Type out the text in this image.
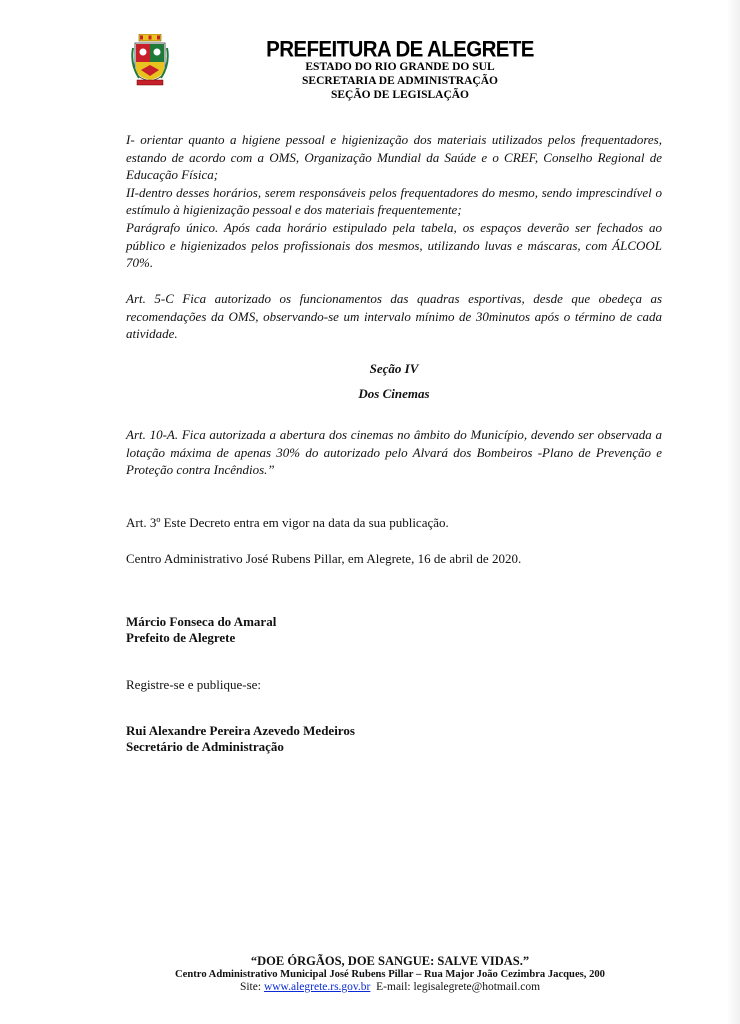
PREFEITURA DE ALEGRETE

ESTADO DO RIO GRANDE DO SUL

SECRETARIA DE ADMINISTRAÇÃO

SEÇÃO DE LEGISLAÇÃO

I- orientar quanto a higiene pessoal e higienização dos materiais utilizados pelos frequentadores, estando de acordo com a OMS, Organização Mundial da Saúde e o CREF, Conselho Regional de Educação Física;

II-dentro desses horários, serem responsáveis pelos frequentadores do mesmo, sendo imprescindível o estímulo à higienização pessoal e dos materiais frequentemente;

Parágrafo único. Após cada horário estipulado pela tabela, os espaços deverão ser fechados ao público e higienizados pelos profissionais dos mesmos, utilizando luvas e máscaras, com ÁLCOOL 70%.

Art. 5-C Fica autorizado os funcionamentos das quadras esportivas, desde que obedeça as recomendações da OMS, observando-se um intervalo mínimo de 30minutos após o término de cada atividade.

Seção IV
Dos Cinemas

Art. 10-A. Fica autorizada a abertura dos cinemas no âmbito do Município, devendo ser observada a lotação máxima de apenas 30% do autorizado pelo Alvará dos Bombeiros -Plano de Prevenção e Proteção contra Incêndios.”

Art. 3º Este Decreto entra em vigor na data da sua publicação.
Centro Administrativo José Rubens Pillar, em Alegrete, 16 de abril de 2020.
Márcio Fonseca do Amaral
Prefeito de Alegrete
Registre-se e publique-se:
Rui Alexandre Pereira Azevedo Medeiros
Secretário de Administração

“DOE ÓRGÃOS, DOE SANGUE: SALVE VIDAS.”

Centro Administrativo Municipal José Rubens Pillar – Rua Major João Cezimbra Jacques, 200

Site: www.alegrete.rs.gov.br E-mail: legisalegrete@hotmail.com
